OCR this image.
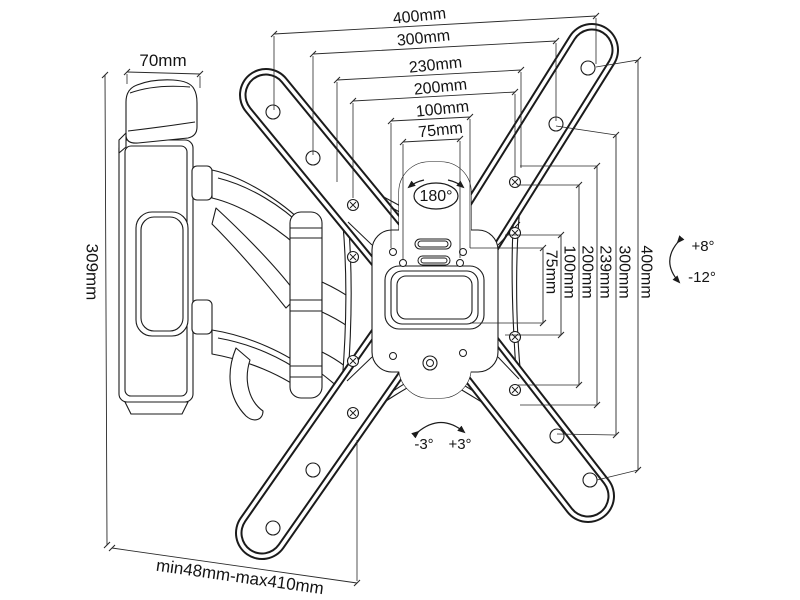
400mm
300mm
230mm
200mm
100mm
75mm
75mm 100mm 200mm 239mm 300mm 400mm
70mm
309mm
min48mm-max410mm
180°
+8°
-12°
-3° +3°
